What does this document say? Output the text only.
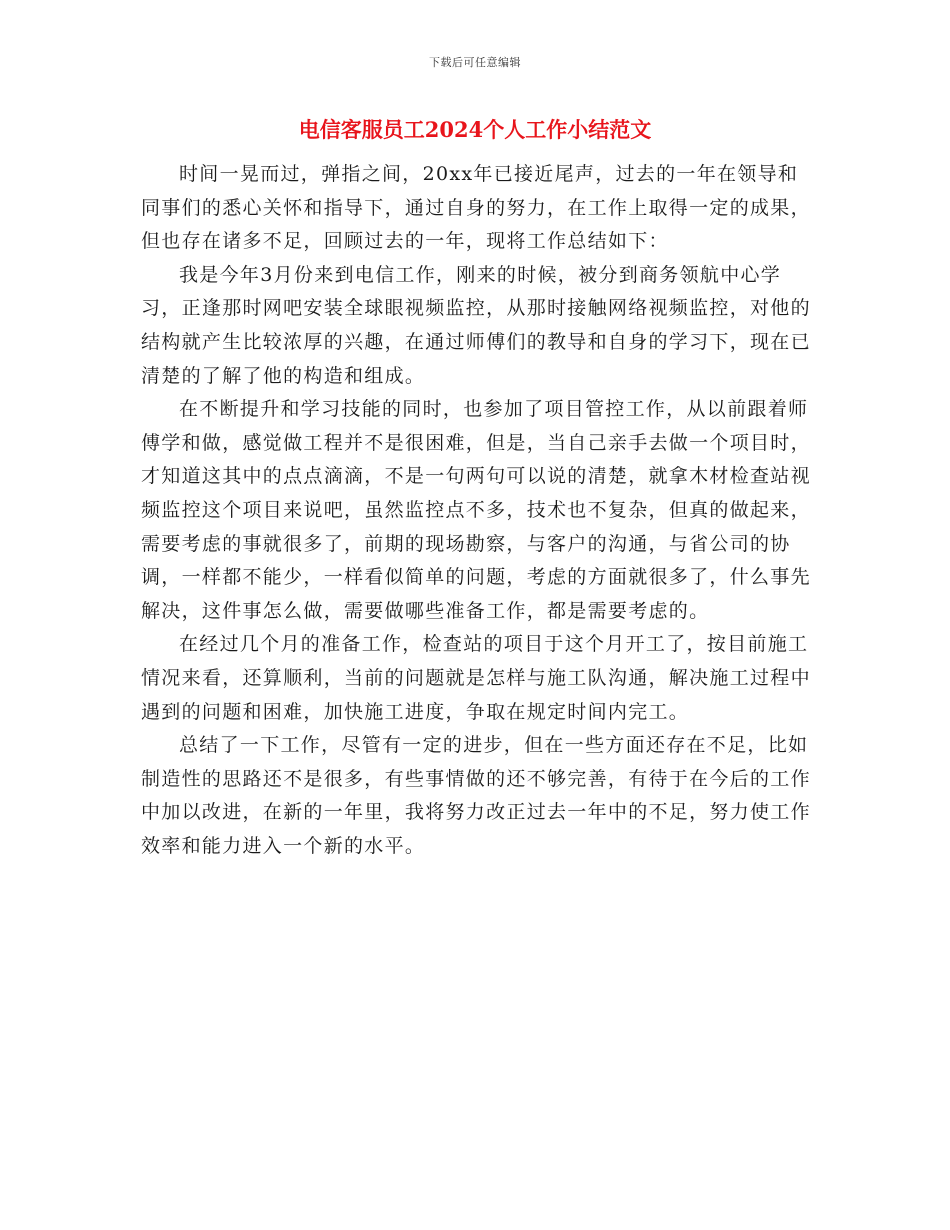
下载后可任意编辑
电信客服员工2024个人工作小结范文

时间一晃而过，弹指之间，20xx年已接近尾声，过去的一年在领导和同事们的悉心关怀和指导下，通过自身的努力，在工作上取得一定的成果，但也存在诸多不足，回顾过去的一年，现将工作总结如下：

我是今年3月份来到电信工作，刚来的时候，被分到商务领航中心学习，正逢那时网吧安装全球眼视频监控，从那时接触网络视频监控，对他的结构就产生比较浓厚的兴趣，在通过师傅们的教导和自身的学习下，现在已清楚的了解了他的构造和组成。

在不断提升和学习技能的同时，也参加了项目管控工作，从以前跟着师傅学和做，感觉做工程并不是很困难，但是，当自己亲手去做一个项目时，才知道这其中的点点滴滴，不是一句两句可以说的清楚，就拿木材检查站视频监控这个项目来说吧，虽然监控点不多，技术也不复杂，但真的做起来，需要考虑的事就很多了，前期的现场勘察，与客户的沟通，与省公司的协调，一样都不能少，一样看似简单的问题，考虑的方面就很多了，什么事先解决，这件事怎么做，需要做哪些准备工作，都是需要考虑的。

在经过几个月的准备工作，检查站的项目于这个月开工了，按目前施工情况来看，还算顺利，当前的问题就是怎样与施工队沟通，解决施工过程中遇到的问题和困难，加快施工进度，争取在规定时间内完工。

总结了一下工作，尽管有一定的进步，但在一些方面还存在不足，比如制造性的思路还不是很多，有些事情做的还不够完善，有待于在今后的工作中加以改进，在新的一年里，我将努力改正过去一年中的不足，努力使工作效率和能力进入一个新的水平。
